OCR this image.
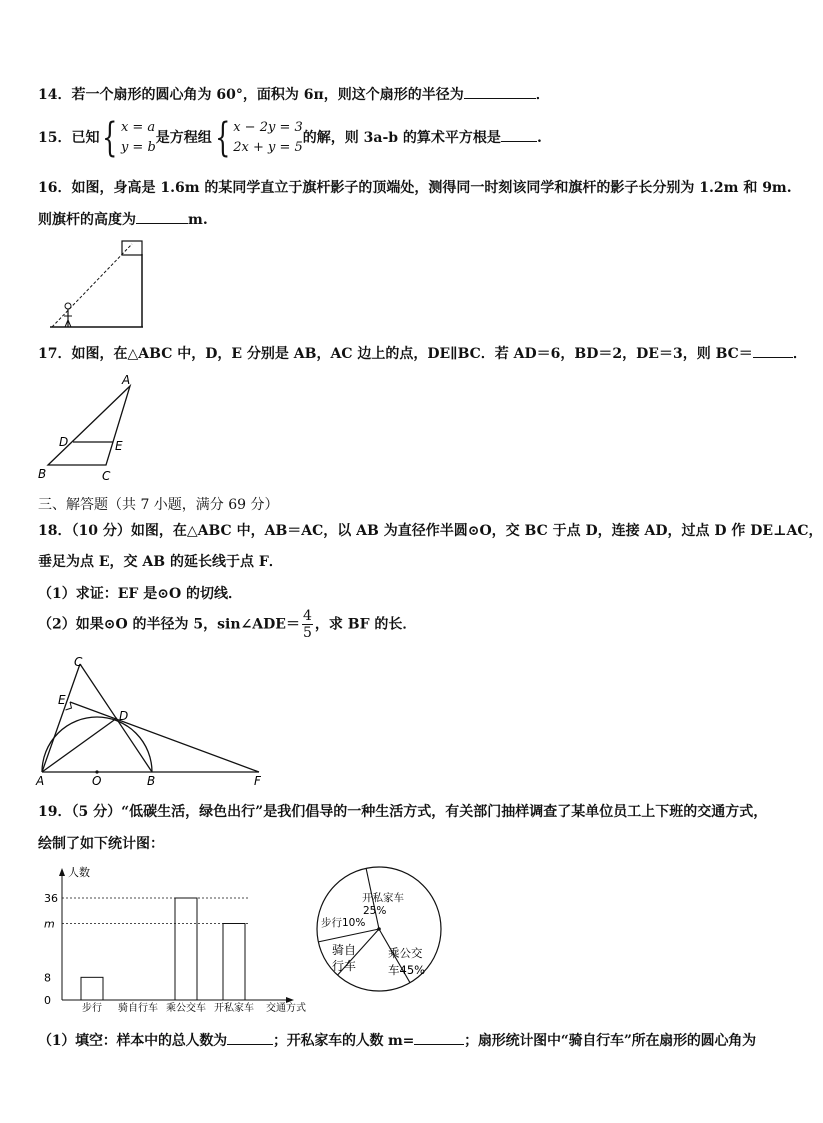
14．若一个扇形的圆心角为 60°，面积为 6π，则这个扇形的半径为	．
15．已知{ x = a
y = b是方程组{ x − 2y = 3
2x + y = 5的解，则 3a-b 的算术平方根是	.
16．如图，身高是 1.6m 的某同学直立于旗杆影子的顶端处，测得同一时刻该同学和旗杆的影子长分别为 1.2m 和 9m.
则旗杆的高度为	m.
17．如图，在△ABC 中，D，E 分别是 AB，AC 边上的点，DE∥BC．若 AD＝6，BD＝2，DE＝3，则 BC＝	．
A
B	C
D	E
三、解答题（共 7 小题，满分 69 分）
18．（10 分）如图，在△ABC 中，AB＝AC，以 AB 为直径作半圆⊙O，交 BC 于点 D，连接 AD，过点 D 作 DE⊥AC，
垂足为点 E，交 AB 的延长线于点 F．
（1）求证：EF 是⊙O 的切线．
（2）如果⊙O 的半径为 5，sin∠ADE＝ $\frac{4}{5}$ ，求 BF 的长．
C
E
D
A	O	B	F
19．（5 分）“低碳生活，绿色出行”是我们倡导的一种生活方式，有关部门抽样调查了某单位员工上下班的交通方式，
绘制了如下统计图：
人数
0
8
m
36
步行 骑自行车 乘公交车 开私家车 交通方式
开私家车
25%
步行10%
骑自
行车
乘公交
车45%
（1）填空：样本中的总人数为	；开私家车的人数 m=	；扇形统计图中“骑自行车”所在扇形的圆心角为
